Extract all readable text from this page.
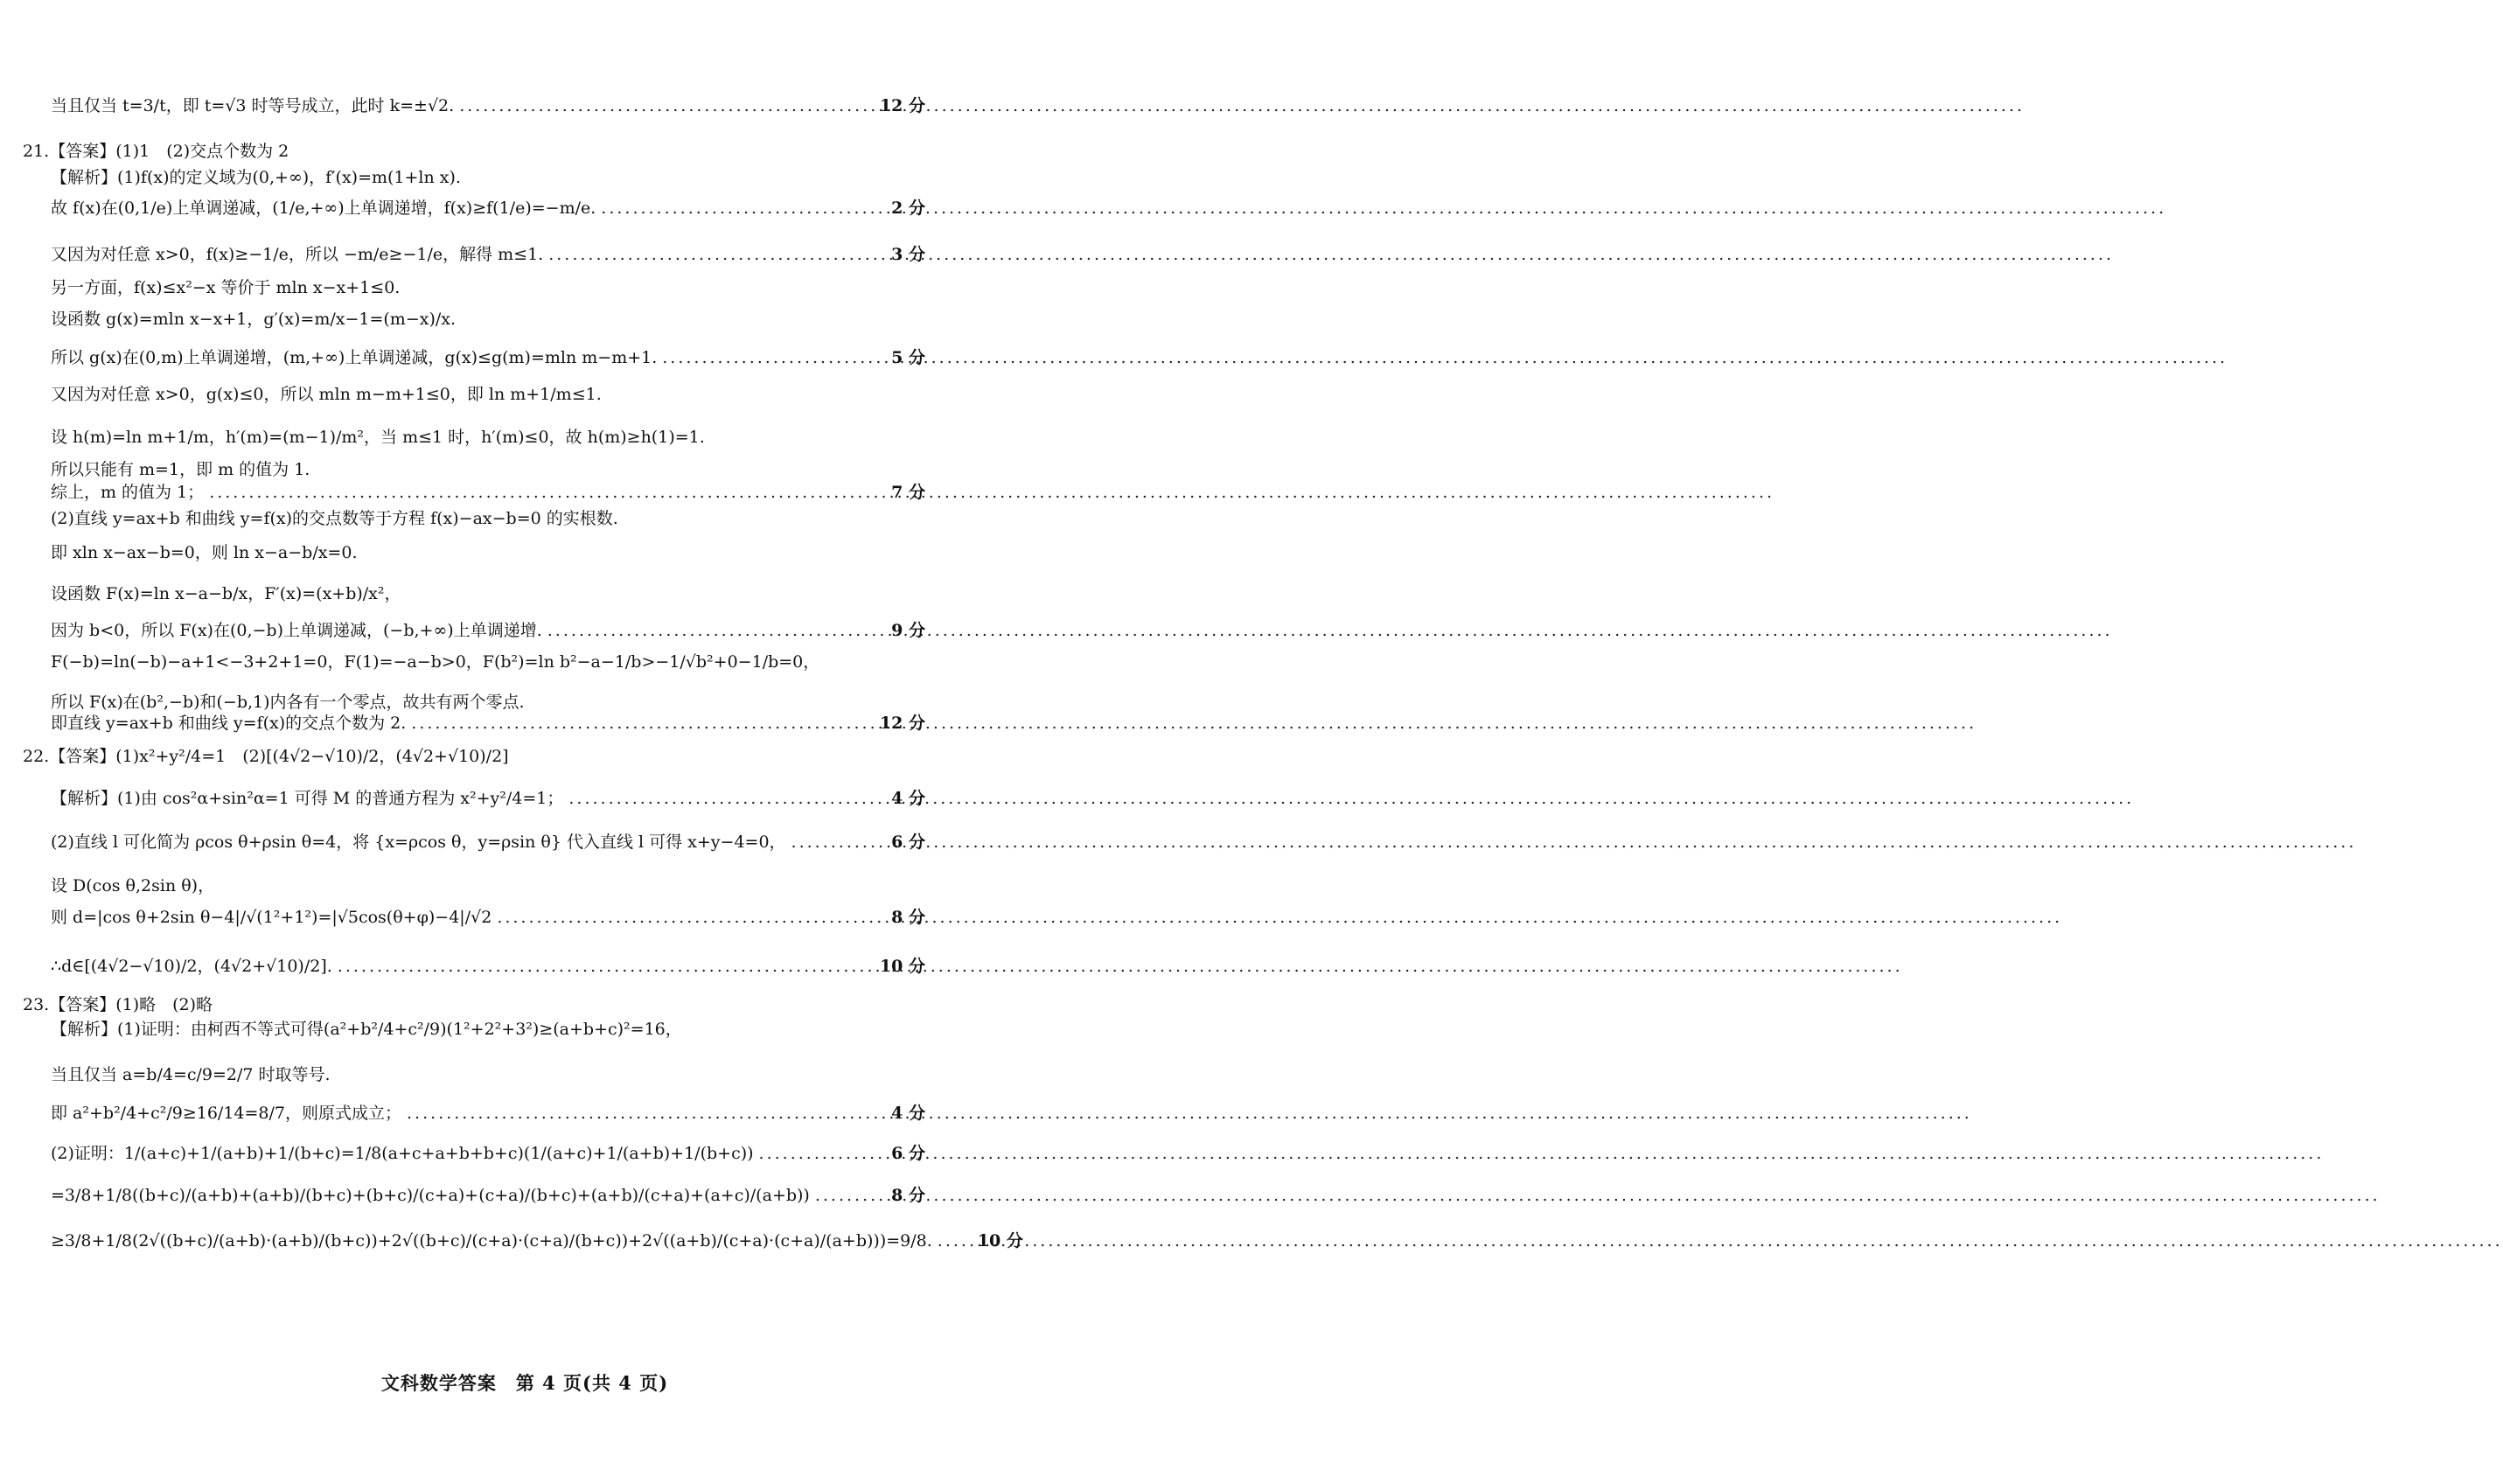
当且仅当 t=3/t，即 t=√3 时等号成立，此时 k=±√2. .....	12 分
21.【答案】(1)1　(2)交点个数为 2
【解析】(1)f(x)的定义域为(0,+∞)，f′(x)=m(1+ln x).
故 f(x)在(0,1/e)上单调递减，(1/e,+∞)上单调递增，f(x)≥f(1/e)=−m/e. .....	2 分
又因为对任意 x>0，f(x)≥−1/e，所以 −m/e≥−1/e，解得 m≤1. .....	3 分
另一方面，f(x)≤x²−x 等价于 mln x−x+1≤0.
设函数 g(x)=mln x−x+1，g′(x)=m/x−1=(m−x)/x.
所以 g(x)在(0,m)上单调递增，(m,+∞)上单调递减，g(x)≤g(m)=mln m−m+1. .....	5 分
又因为对任意 x>0，g(x)≤0，所以 mln m−m+1≤0，即 ln m+1/m≤1.
设 h(m)=ln m+1/m，h′(m)=(m−1)/m²，当 m≤1 时，h′(m)≤0，故 h(m)≥h(1)=1.
所以只能有 m=1，即 m 的值为 1.
综上，m 的值为 1； .....	7 分
(2)直线 y=ax+b 和曲线 y=f(x)的交点数等于方程 f(x)−ax−b=0 的实根数.
即 xln x−ax−b=0，则 ln x−a−b/x=0.
设函数 F(x)=ln x−a−b/x，F′(x)=(x+b)/x²，
因为 b<0，所以 F(x)在(0,−b)上单调递减，(−b,+∞)上单调递增. .....	9 分
F(−b)=ln(−b)−a+1<−3+2+1=0，F(1)=−a−b>0，F(b²)=ln b²−a−1/b>−1/√b²+0−1/b=0，
所以 F(x)在(b²,−b)和(−b,1)内各有一个零点，故共有两个零点.
即直线 y=ax+b 和曲线 y=f(x)的交点个数为 2. .....	12 分
22.【答案】(1)x²+y²/4=1　(2)[(4√2−√10)/2，(4√2+√10)/2]
【解析】(1)由 cos²α+sin²α=1 可得 M 的普通方程为 x²+y²/4=1； .....	4 分
(2)直线 l 可化简为 ρcos θ+ρsin θ=4，将 {x=ρcos θ，y=ρsin θ} 代入直线 l 可得 x+y−4=0， .....	6 分
设 D(cos θ,2sin θ)，
则 d=|cos θ+2sin θ−4|/√(1²+1²)=|√5cos(θ+φ)−4|/√2 .....	8 分
∴d∈[(4√2−√10)/2，(4√2+√10)/2]. .....	10 分
23.【答案】(1)略　(2)略
【解析】(1)证明：由柯西不等式可得(a²+b²/4+c²/9)(1²+2²+3²)≥(a+b+c)²=16，
当且仅当 a=b/4=c/9=2/7 时取等号.
即 a²+b²/4+c²/9≥16/14=8/7，则原式成立； .....	4 分
(2)证明：1/(a+c)+1/(a+b)+1/(b+c)=1/8(a+c+a+b+b+c)(1/(a+c)+1/(a+b)+1/(b+c)) .....	6 分
=3/8+1/8((b+c)/(a+b)+(a+b)/(b+c)+(b+c)/(c+a)+(c+a)/(b+c)+(a+b)/(c+a)+(a+c)/(a+b)) .....	8 分
≥3/8+1/8(2√((b+c)/(a+b)·(a+b)/(b+c))+2√((b+c)/(c+a)·(c+a)/(b+c))+2√((a+b)/(c+a)·(c+a)/(a+b)))=9/8. .....	10 分
文科数学答案　第 4 页(共 4 页)
